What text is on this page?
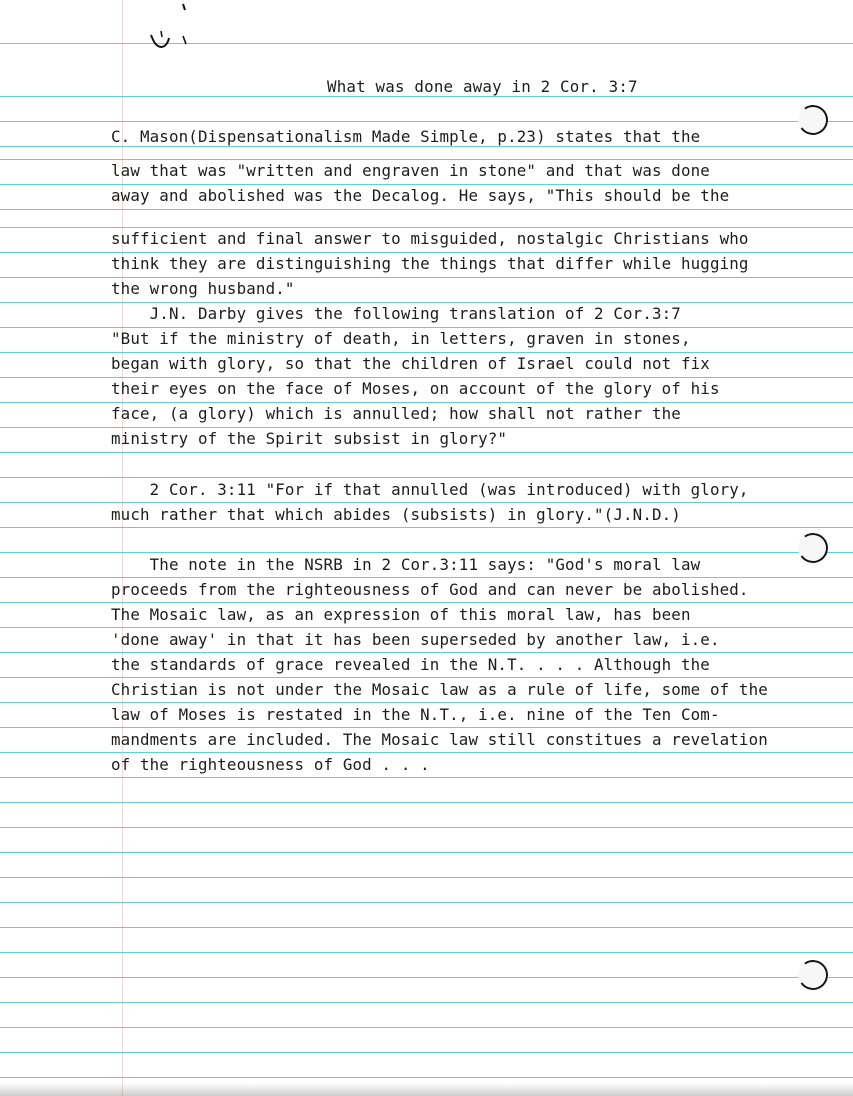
What was done away in 2 Cor. 3:7
C. Mason(Dispensationalism Made Simple, p.23) states that the
law that was "written and engraven in stone" and that was done
away and abolished was the Decalog. He says, "This should be the
sufficient and final answer to misguided, nostalgic Christians who
think they are distinguishing the things that differ while hugging
the wrong husband."
J.N. Darby gives the following translation of 2 Cor.3:7
"But if the ministry of death, in letters, graven in stones,
began with glory, so that the children of Israel could not fix
their eyes on the face of Moses, on account of the glory of his
face, (a glory) which is annulled; how shall not rather the
ministry of the Spirit subsist in glory?"
2 Cor. 3:11 "For if that annulled (was introduced) with glory,
much rather that which abides (subsists) in glory."(J.N.D.)
The note in the NSRB in 2 Cor.3:11 says: "God's moral law
proceeds from the righteousness of God and can never be abolished.
The Mosaic law, as an expression of this moral law, has been
'done away' in that it has been superseded by another law, i.e.
the standards of grace revealed in the N.T. . . . Although the
Christian is not under the Mosaic law as a rule of life, some of the
law of Moses is restated in the N.T., i.e. nine of the Ten Com-
mandments are included. The Mosaic law still constitues a revelation
of the righteousness of God . . .
